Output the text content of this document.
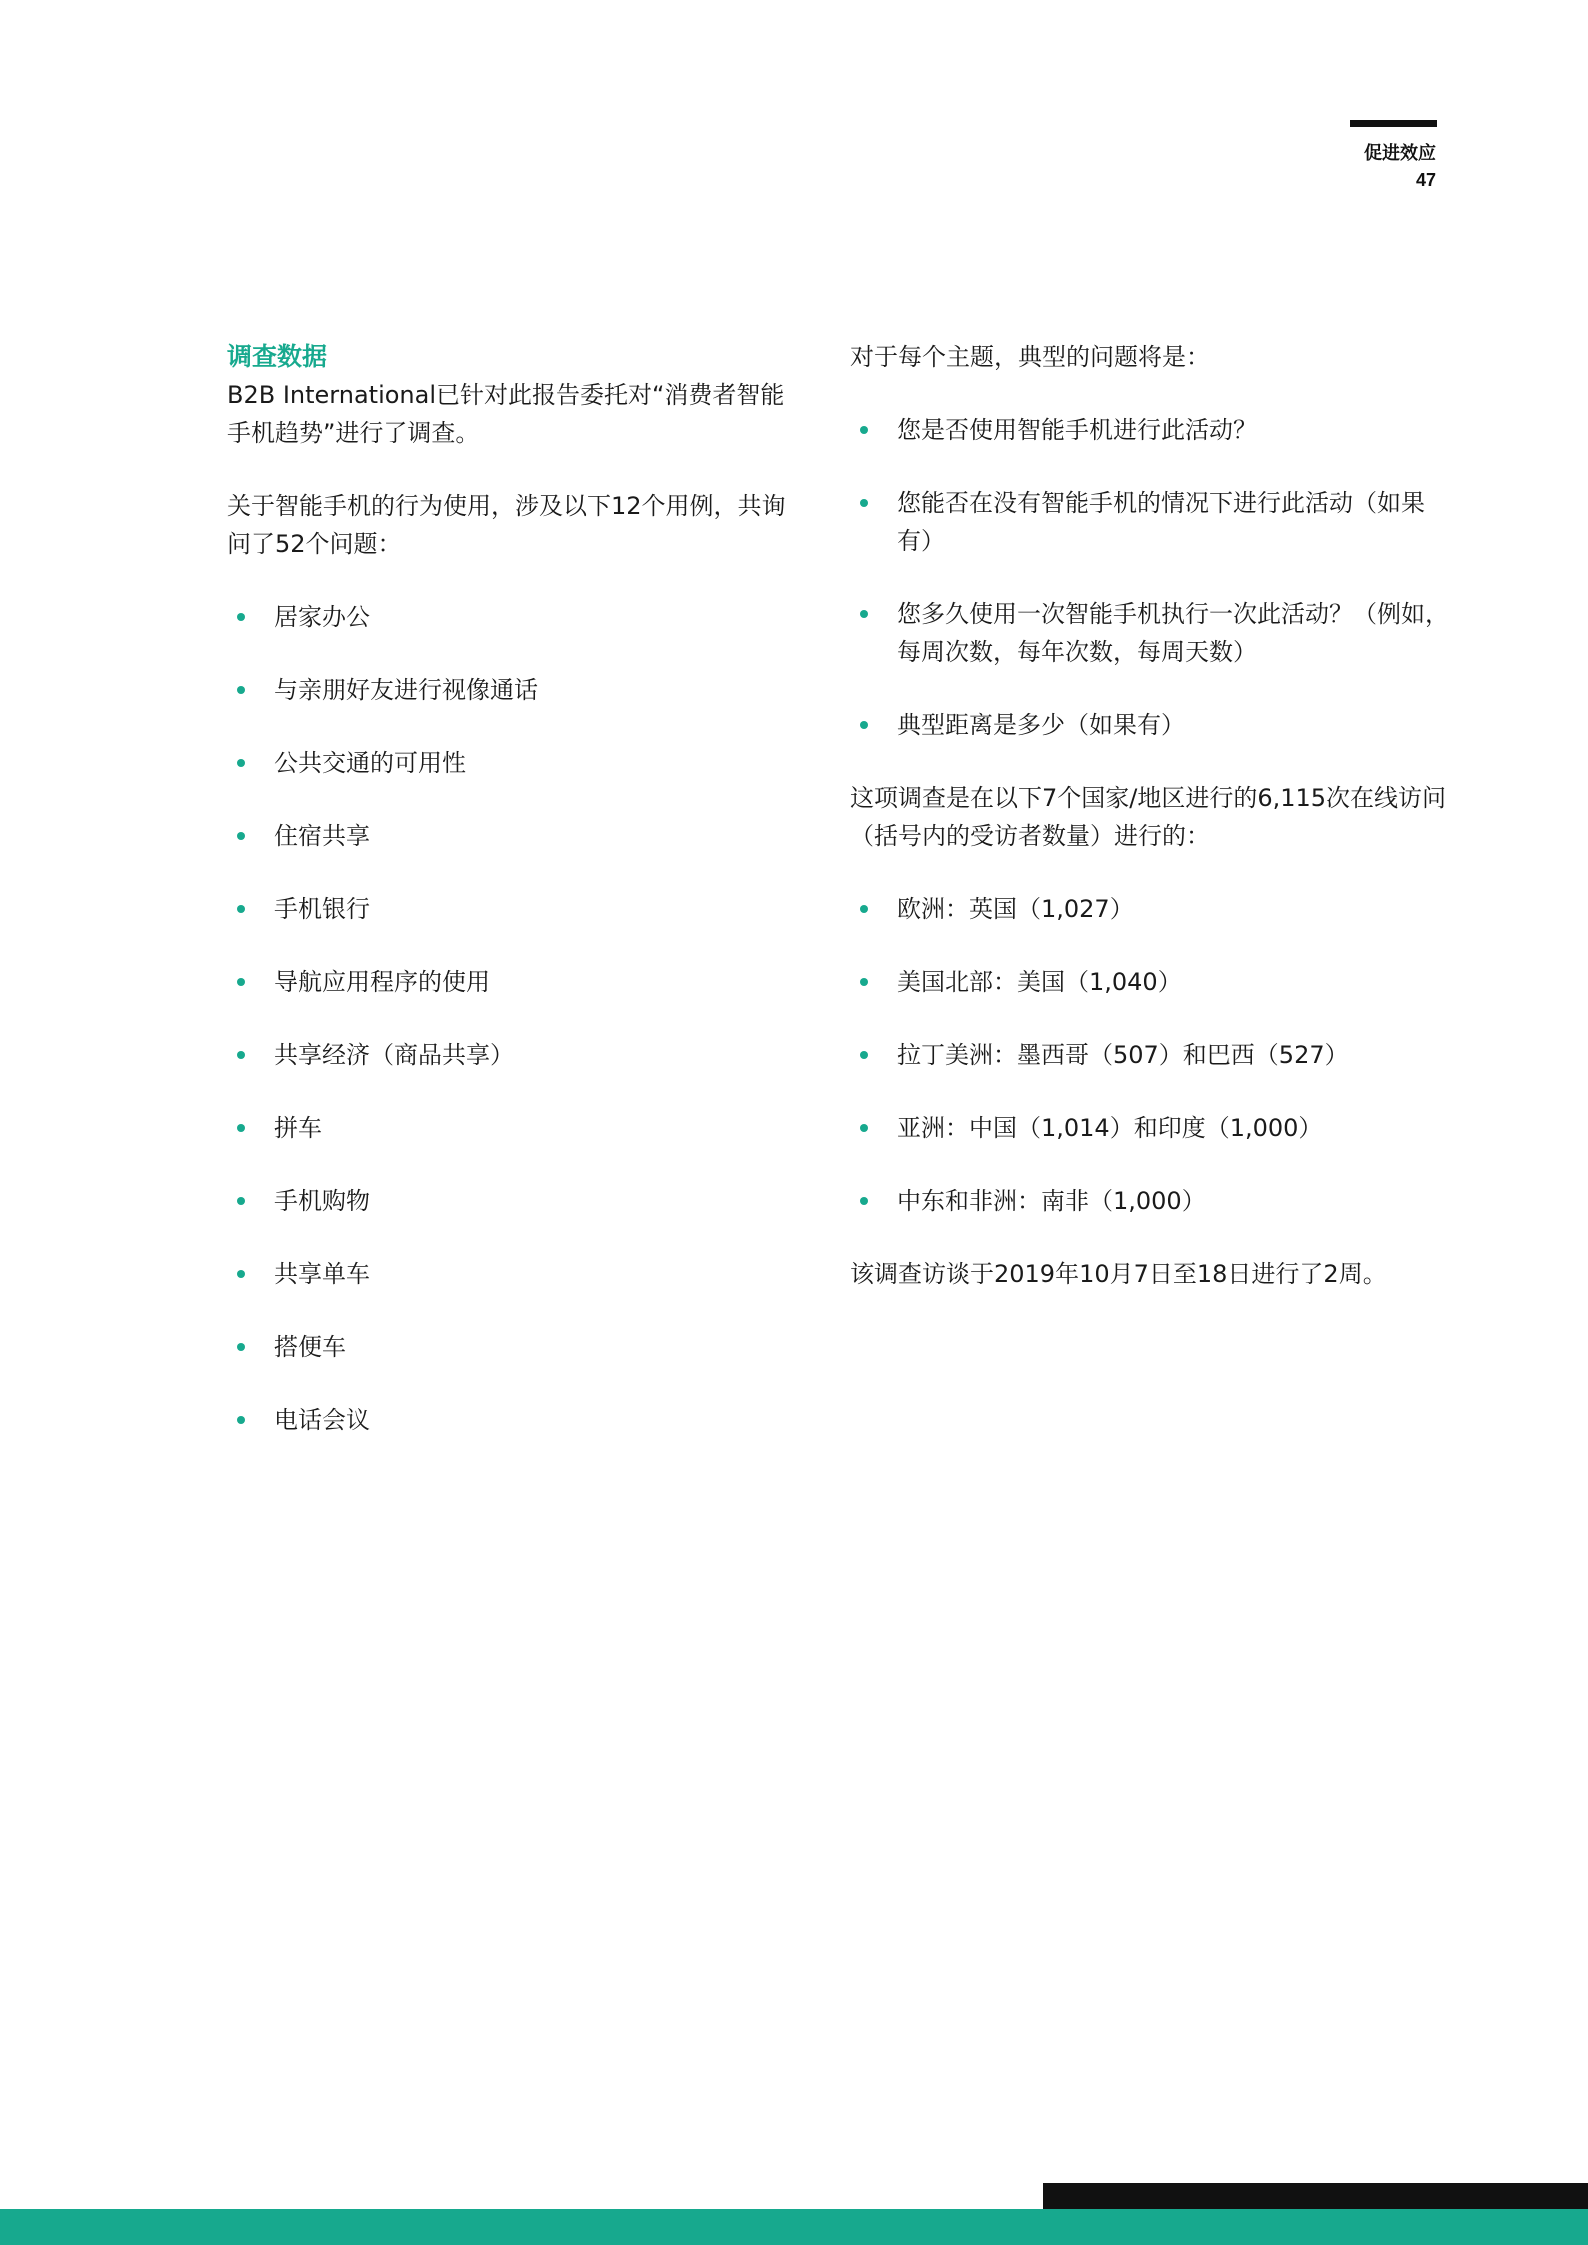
促进效应
47
调查数据

B2B International已针对此报告委托对“消费者智能手机趋势”进行了调查。

关于智能手机的行为使用，涉及以下12个用例，共询问了52个问题：

居家办公
与亲朋好友进行视像通话
公共交通的可用性
住宿共享
手机银行
导航应用程序的使用
共享经济（商品共享）
拼车
手机购物
共享单车
搭便车
电话会议

对于每个主题，典型的问题将是：

您是否使用智能手机进行此活动？
您能否在没有智能手机的情况下进行此活动（如果有）
您多久使用一次智能手机执行一次此活动？（例如，每周次数，每年次数，每周天数）
典型距离是多少（如果有）

这项调查是在以下7个国家/地区进行的6,115次在线访问（括号内的受访者数量）进行的：

欧洲：英国（1,027）
美国北部：美国（1,040）
拉丁美洲：墨西哥（507）和巴西（527）
亚洲：中国（1,014）和印度（1,000）
中东和非洲：南非（1,000）

该调查访谈于2019年10月7日至18日进行了2周。
